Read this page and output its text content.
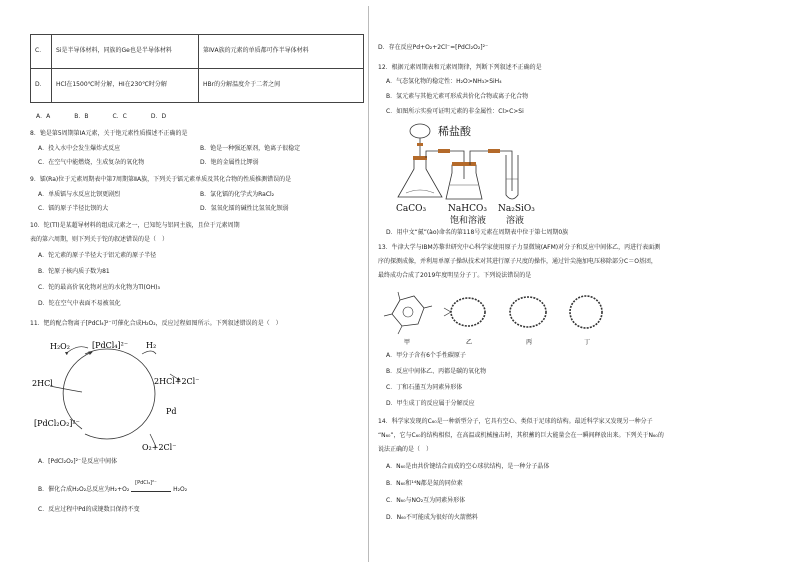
C．	Si是半导体材料，同族的Ge也是半导体材料	第ⅣA族的元素的单质都可作半导体材料
D．	HCl在1500℃时分解，HI在230℃时分解	HBr的分解温度介于二者之间
A．A　　　　B．B　　　　C．C　　　　D．D
8．铯是第5周期第ⅠA元素，关于铯元素性质描述不正确的是
A．投入水中会发生爆炸式反应	B．铯是一种强还原剂，铯离子很稳定
C．在空气中能燃烧，生成复杂的氧化物	D．铯的金属性比钾弱
9．镭(Ra)位于元素周期表中第7周期第ⅡA族，下列关于镭元素单质及其化合物的性质推测错误的是
A．单质镭与水反应比钡更剧烈	B．氯化镭的化学式为RaCl₂
C．镭的原子半径比钡的大	D．氢氧化镭的碱性比氢氧化钡弱
10．铊(Tl)是某超导材料的组成元素之一，已知铊与铝同主族，且位于元素周期
表的第六周期，则下列关于铊的叙述错误的是（　）
A．铊元素的原子半径大于铝元素的原子半径
B．铊原子核内质子数为81
C．铊的最高价氧化物对应的水化物为Tl(OH)₃
D．铊在空气中表面不易被氧化
11．钯的配合物离子[PdCl₄]²⁻可催化合成H₂O₂，反应过程如图所示。下列叙述错误的是（　）
H₂O₂	[PdCl₄]²⁻ H₂
2HCl	2HCl+2Cl⁻
[PdCl₂O₂]²⁻
Pd
O₂+2Cl⁻
A．[PdCl₂O₂]²⁻是反应中间体
B．催化合成H₂O₂总反应为H₂+O₂
[PdCl₄]²⁻
H₂O₂
C．反应过程中Pd的成键数目保持不变
D．存在反应Pd+O₂+2Cl⁻=[PdCl₂O₂]²⁻
12．根据元素周期表和元素周期律，判断下列叙述不正确的是
A．气态氢化物的稳定性：H₂O>NH₃>SiH₄
B．氢元素与其他元素可形成共价化合物或离子化合物
C．如图所示实验可证明元素的非金属性：Cl>C>Si
稀盐酸
CaCO₃ NaHCO₃
饱和溶液
Na₂SiO₃
溶液
D．用中文“鿫”(ào)命名的第118号元素在周期表中位于第七周期0族
13．牛津大学与IBM苏黎世研究中心科学家使用原子力显微镜(AFM)对分子和反应中间体乙，丙进行表面测
序的探测成像，并利用单原子操纵技术对其进行原子尺度的操作，通过针尖施加电压移除部分C＝O基团，
最终成功合成了2019年度明星分子丁。下列说法错误的是
甲	乙	丙	丁
A．甲分子含有6个手性碳原子
B．反应中间体乙、丙都是碳的氧化物
C．丁和石墨互为同素异形体
D．甲生成丁的反应属于分解反应
14．科学家发现的C₆₀是一种新型分子，它具有空心、类似于足球的结构。最近科学家又发现另一种分子
“N₆₀”，它与C₆₀的结构相似，在高温或机械撞击时，其积蓄的巨大能量会在一瞬间释放出来。下列关于N₆₀的
说法正确的是（　）
A．N₆₀是由共价键结合而成的空心球状结构，是一种分子晶体
B．N₆₀和¹⁴N都是氮的同位素
C．N₆₀与NO₂互为同素异形体
D．N₆₀不可能成为很好的火箭燃料
